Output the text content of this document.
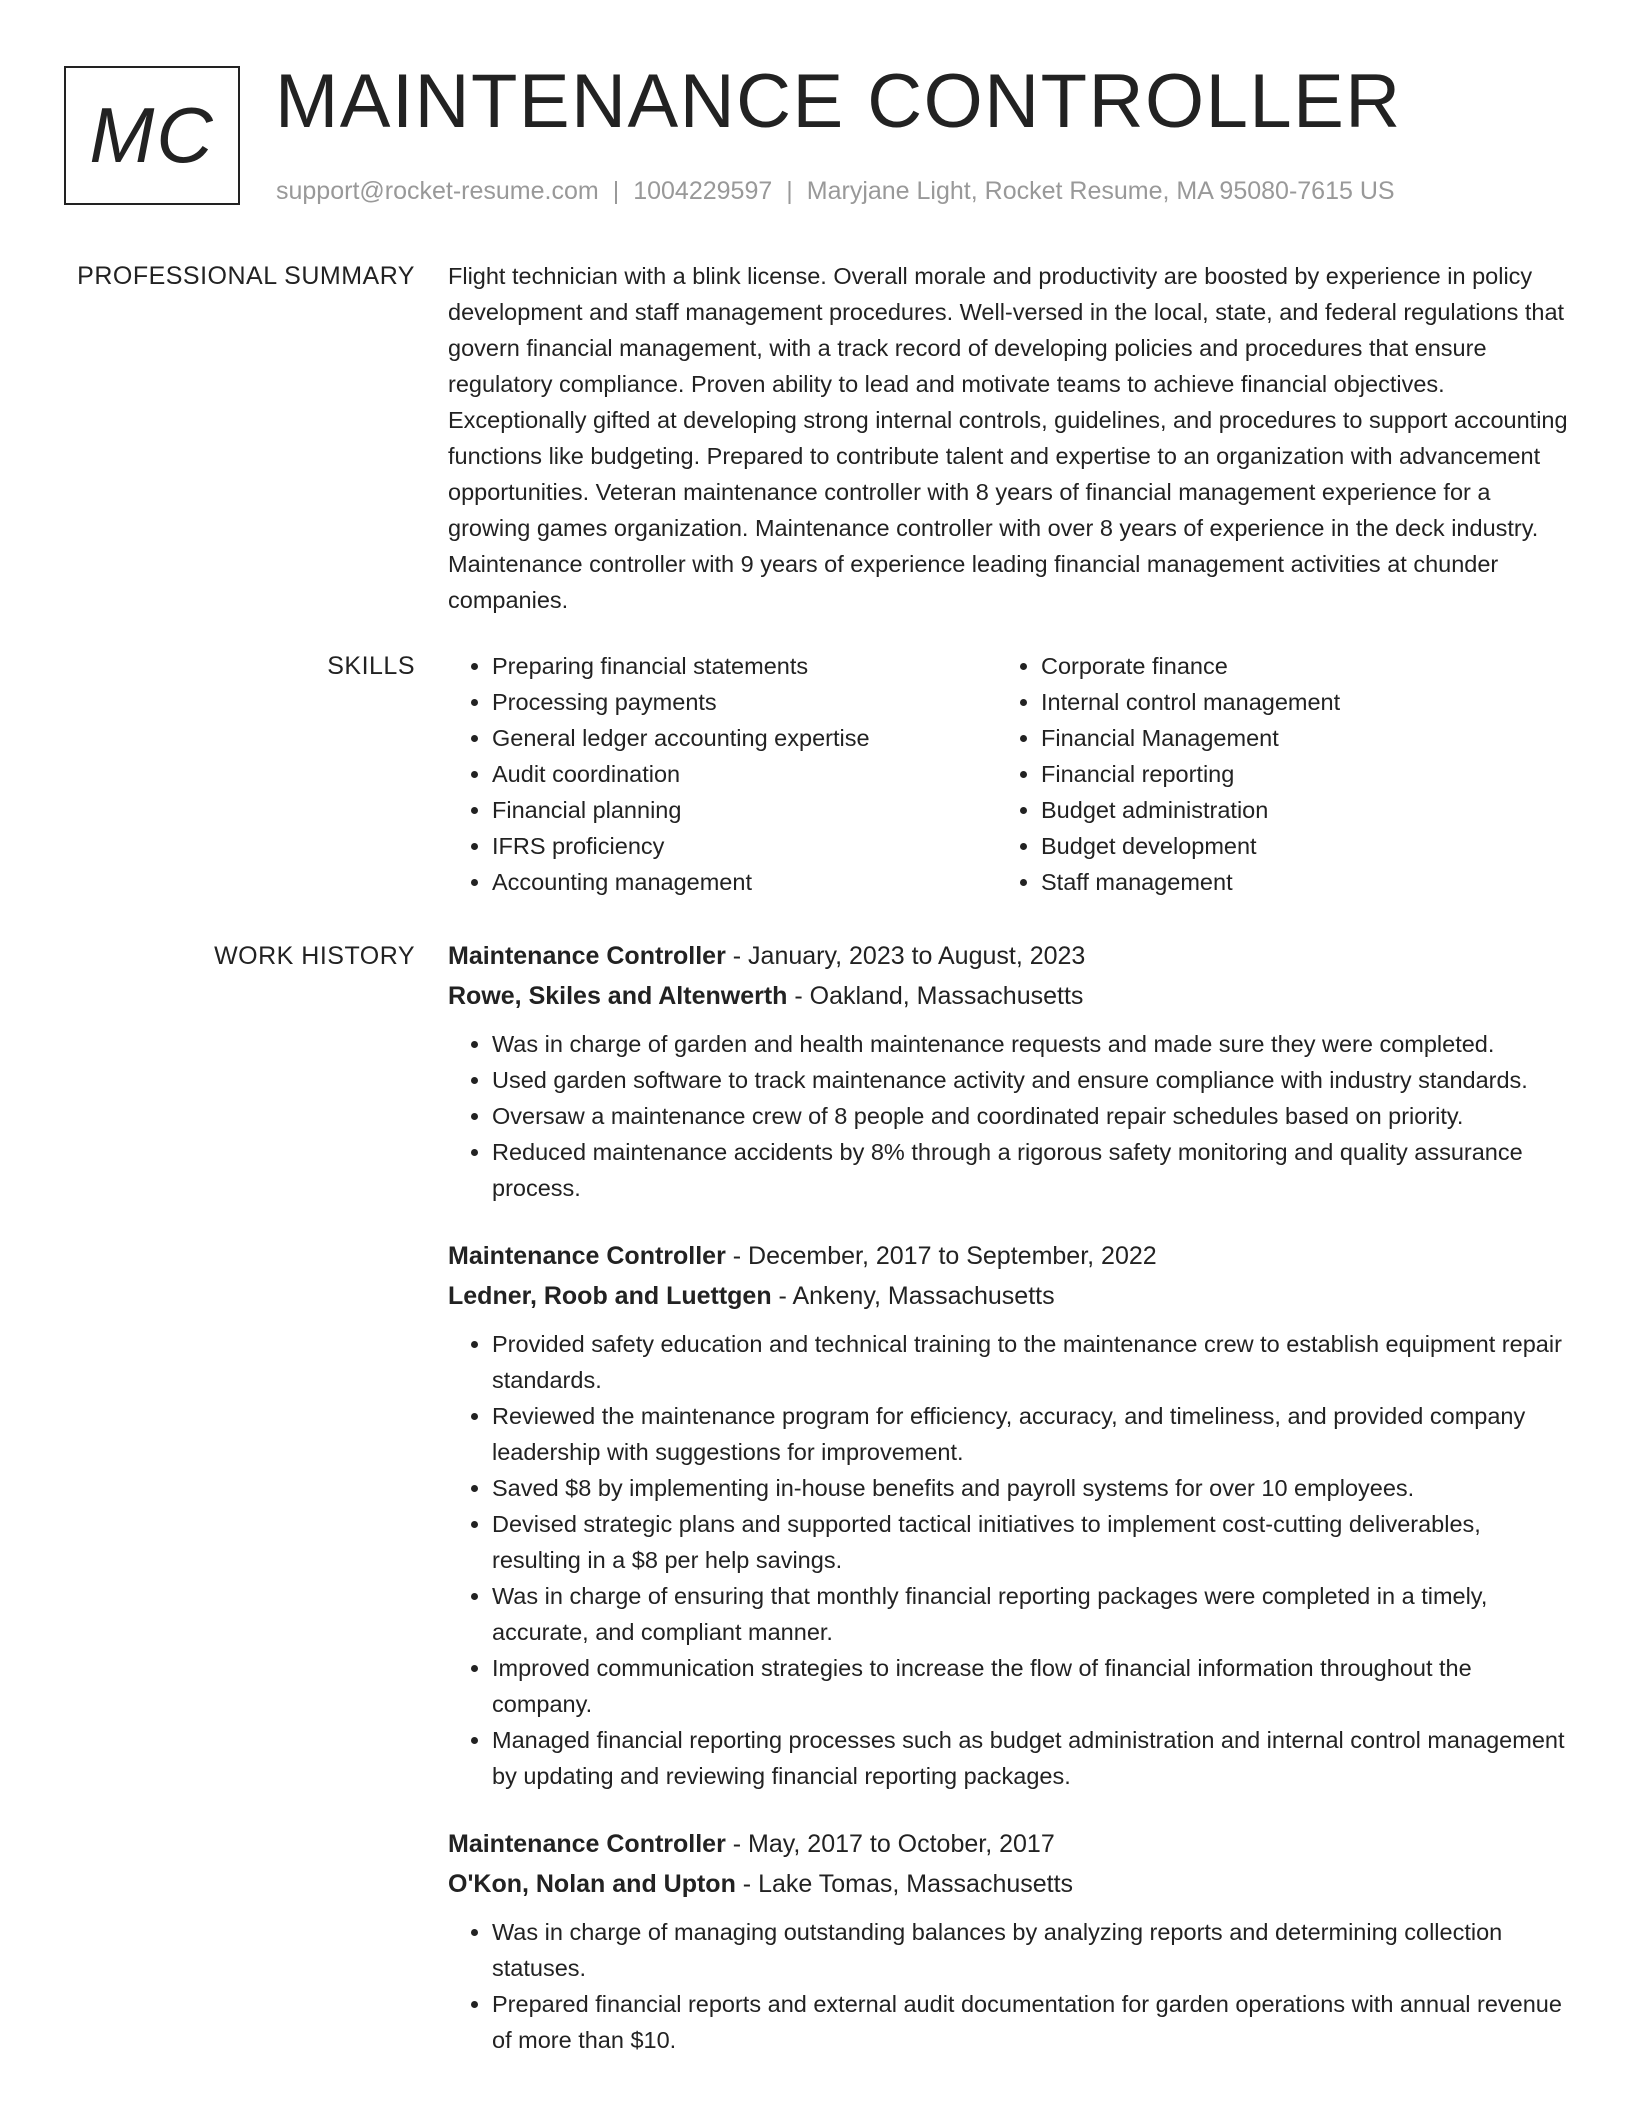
MC MAINTENANCE CONTROLLER
support@rocket-resume.com | 1004229597 | Maryjane Light, Rocket Resume, MA 95080-7615 US
PROFESSIONAL SUMMARY Flight technician with a blink license. Overall morale and productivity are boosted by experience in policy development and staff management procedures. Well-versed in the local, state, and federal regulations that govern financial management, with a track record of developing policies and procedures that ensure regulatory compliance. Proven ability to lead and motivate teams to achieve financial objectives. Exceptionally gifted at developing strong internal controls, guidelines, and procedures to support accounting functions like budgeting. Prepared to contribute talent and expertise to an organization with advancement opportunities. Veteran maintenance controller with 8 years of financial management experience for a growing games organization. Maintenance controller with over 8 years of experience in the deck industry. Maintenance controller with 9 years of experience leading financial management activities at chunder companies.

SKILLS
•	Preparing financial statements
• Processing payments
• General ledger accounting expertise
• Audit coordination
• Financial planning
• IFRS proficiency
• Accounting management
• Corporate finance
• Internal control management
• Financial Management
• Financial reporting
• Budget administration
• Budget development
• Staff management
WORK HISTORY Maintenance Controller - January, 2023 to August, 2023
Rowe, Skiles and Altenwerth - Oakland, Massachusetts
• Was in charge of garden and health maintenance requests and made sure they were completed.
• Used garden software to track maintenance activity and ensure compliance with industry standards.
• Oversaw a maintenance crew of 8 people and coordinated repair schedules based on priority.
• Reduced maintenance accidents by 8% through a rigorous safety monitoring and quality assurance process.
Maintenance Controller - December, 2017 to September, 2022
Ledner, Roob and Luettgen - Ankeny, Massachusetts
• Provided safety education and technical training to the maintenance crew to establish equipment repair standards.
• Reviewed the maintenance program for efficiency, accuracy, and timeliness, and provided company leadership with suggestions for improvement.
• Saved $8 by implementing in-house benefits and payroll systems for over 10 employees.
• Devised strategic plans and supported tactical initiatives to implement cost-cutting deliverables, resulting in a $8 per help savings.
• Was in charge of ensuring that monthly financial reporting packages were completed in a timely, accurate, and compliant manner.
• Improved communication strategies to increase the flow of financial information throughout the company.
• Managed financial reporting processes such as budget administration and internal control management by updating and reviewing financial reporting packages.
Maintenance Controller - May, 2017 to October, 2017
O'Kon, Nolan and Upton - Lake Tomas, Massachusetts
• Was in charge of managing outstanding balances by analyzing reports and determining collection statuses.
• Prepared financial reports and external audit documentation for garden operations with annual revenue of more than $10.
